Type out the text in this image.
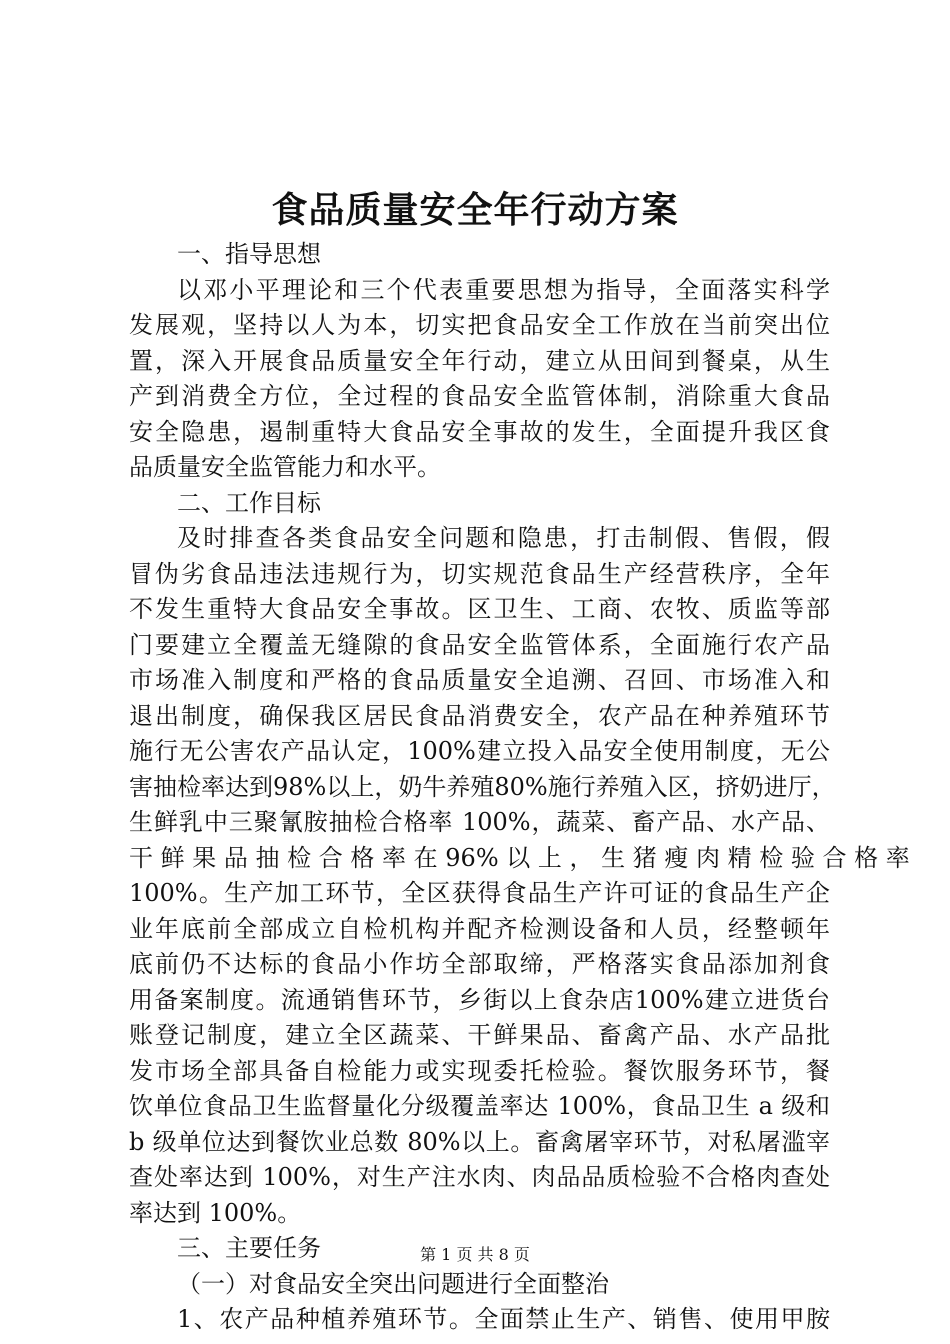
食品质量安全年行动方案
一、指导思想
以邓小平理论和三个代表重要思想为指导，全面落实科学
发展观，坚持以人为本，切实把食品安全工作放在当前突出位
置，深入开展食品质量安全年行动，建立从田间到餐桌，从生
产到消费全方位，全过程的食品安全监管体制，消除重大食品
安全隐患，遏制重特大食品安全事故的发生，全面提升我区食
品质量安全监管能力和水平。
二、工作目标
及时排查各类食品安全问题和隐患，打击制假、售假，假
冒伪劣食品违法违规行为，切实规范食品生产经营秩序，全年
不发生重特大食品安全事故。区卫生、工商、农牧、质监等部
门要建立全覆盖无缝隙的食品安全监管体系，全面施行农产品
市场准入制度和严格的食品质量安全追溯、召回、市场准入和
退出制度，确保我区居民食品消费安全，农产品在种养殖环节
施行无公害农产品认定，100%建立投入品安全使用制度，无公
害抽检率达到98%以上，奶牛养殖80%施行养殖入区，挤奶进厅，
生鲜乳中三聚氰胺抽检合格率 100%，蔬菜、畜产品、水产品、
干 鲜 果 品 抽 检 合 格 率 在 96% 以 上 ， 生 猪 瘦 肉 精 检 验 合 格 率
100%。生产加工环节，全区获得食品生产许可证的食品生产企
业年底前全部成立自检机构并配齐检测设备和人员，经整顿年
底前仍不达标的食品小作坊全部取缔，严格落实食品添加剂食
用备案制度。流通销售环节，乡街以上食杂店100%建立进货台
账登记制度，建立全区蔬菜、干鲜果品、畜禽产品、水产品批
发市场全部具备自检能力或实现委托检验。餐饮服务环节，餐
饮单位食品卫生监督量化分级覆盖率达 100%，食品卫生 a 级和
b 级单位达到餐饮业总数 80%以上。畜禽屠宰环节，对私屠滥宰
查处率达到 100%，对生产注水肉、肉品品质检验不合格肉查处
率达到 100%。
三、主要任务
（一）对食品安全突出问题进行全面整治
1、农产品种植养殖环节。全面禁止生产、销售、使用甲胺
第 1 页 共 8 页
